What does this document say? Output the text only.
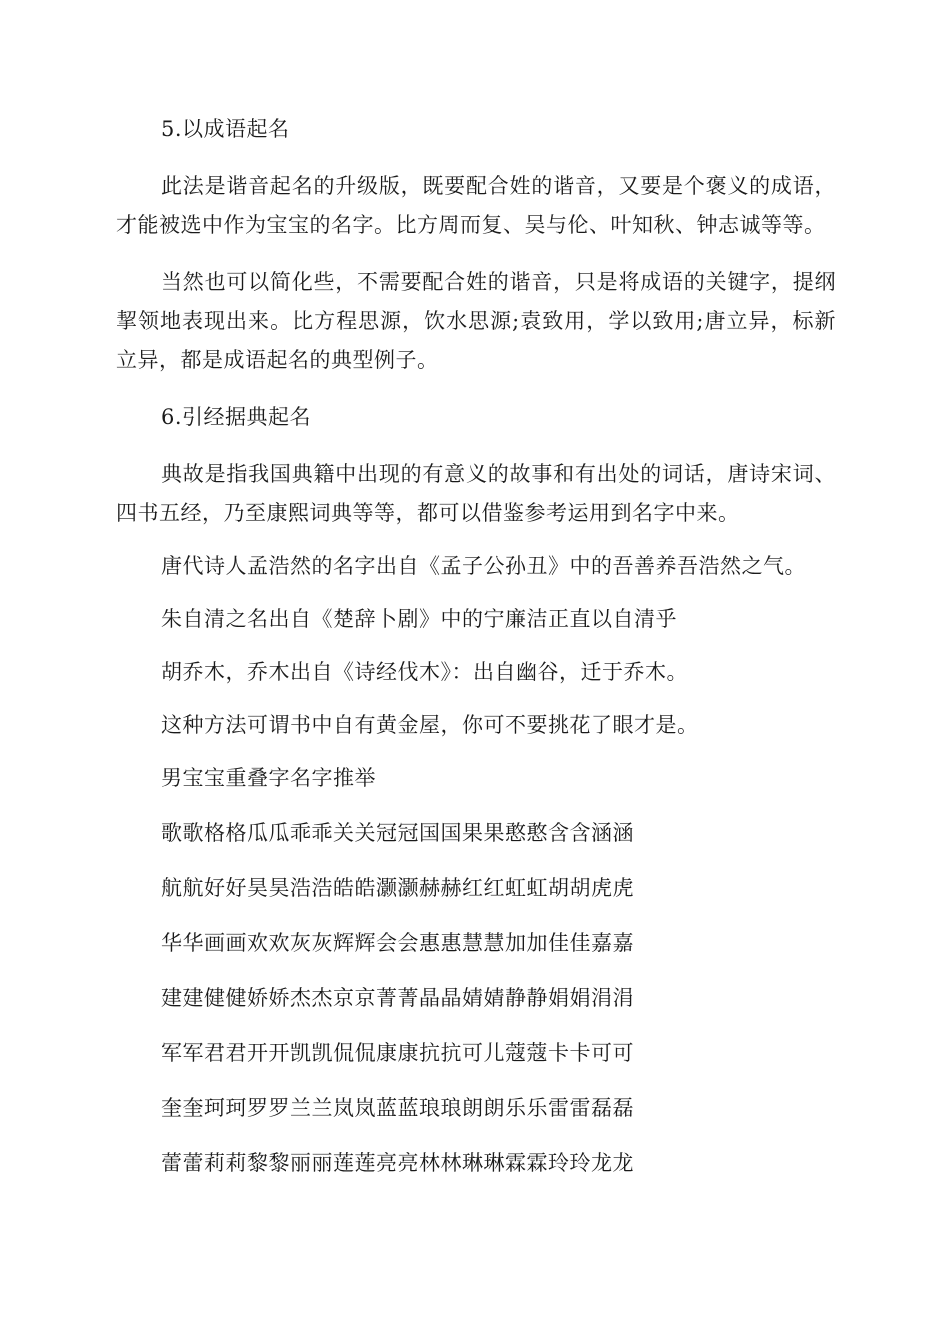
5.以成语起名

此法是谐音起名的升级版，既要配合姓的谐音，又要是个褒义的成语，才能被选中作为宝宝的名字。比方周而复、吴与伦、叶知秋、钟志诚等等。

当然也可以简化些，不需要配合姓的谐音，只是将成语的关键字，提纲挈领地表现出来。比方程思源，饮水思源;袁致用，学以致用;唐立异，标新立异，都是成语起名的典型例子。

6.引经据典起名

典故是指我国典籍中出现的有意义的故事和有出处的词话，唐诗宋词、四书五经，乃至康熙词典等等，都可以借鉴参考运用到名字中来。

唐代诗人孟浩然的名字出自《孟子公孙丑》中的吾善养吾浩然之气。

朱自清之名出自《楚辞卜剧》中的宁廉洁正直以自清乎

胡乔木，乔木出自《诗经伐木》：出自幽谷，迁于乔木。

这种方法可谓书中自有黄金屋，你可不要挑花了眼才是。

男宝宝重叠字名字推举

歌歌格格瓜瓜乖乖关关冠冠国国果果憨憨含含涵涵

航航好好昊昊浩浩皓皓灏灏赫赫红红虹虹胡胡虎虎

华华画画欢欢灰灰辉辉会会惠惠慧慧加加佳佳嘉嘉

建建健健娇娇杰杰京京菁菁晶晶婧婧静静娟娟涓涓

军军君君开开凯凯侃侃康康抗抗可儿蔻蔻卡卡可可

奎奎珂珂罗罗兰兰岚岚蓝蓝琅琅朗朗乐乐雷雷磊磊

蕾蕾莉莉黎黎丽丽莲莲亮亮林林琳琳霖霖玲玲龙龙
